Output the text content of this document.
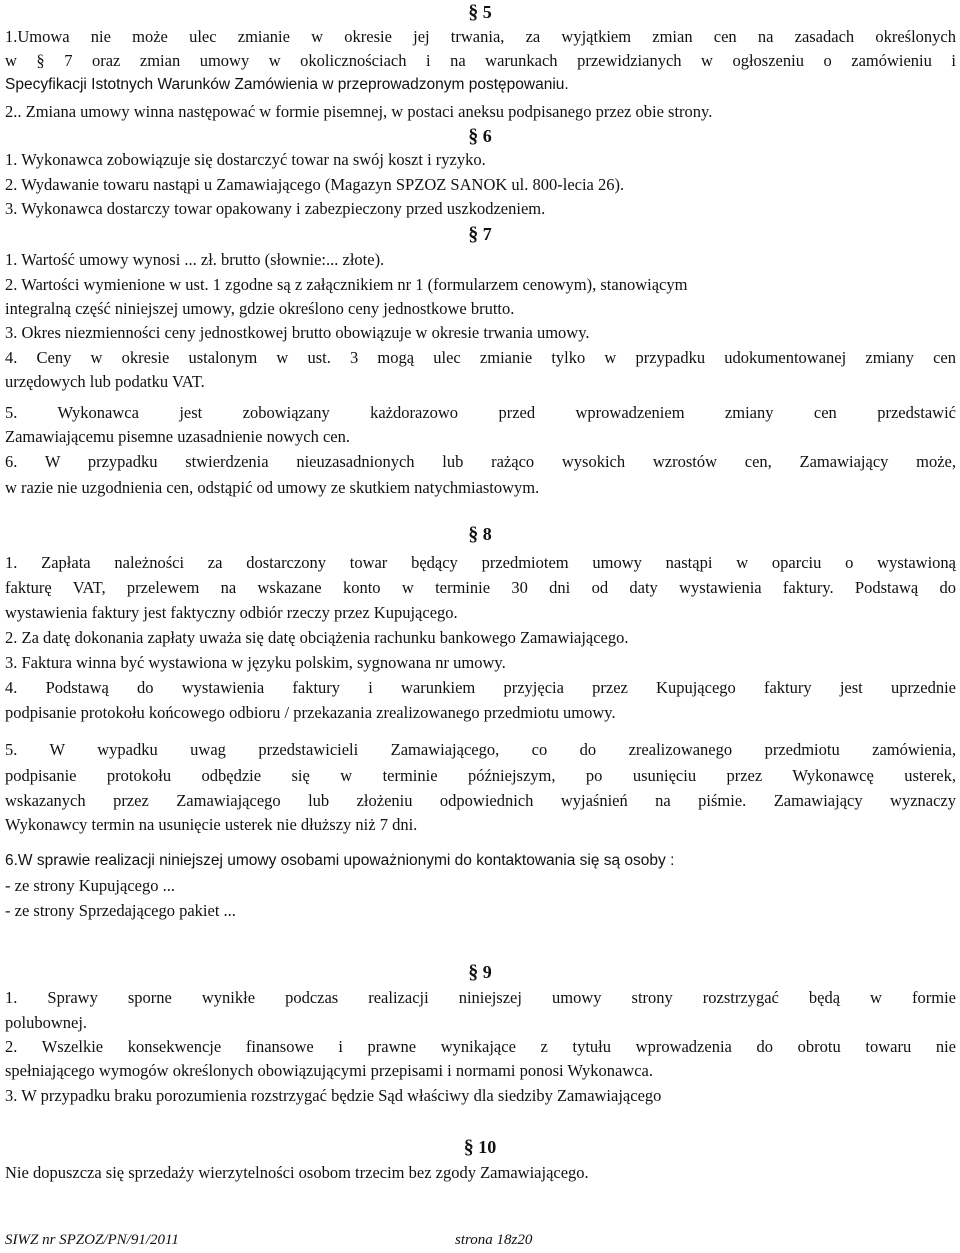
§ 5
1.Umowa nie może ulec zmianie w okresie jej trwania, za wyjątkiem zmian cen na zasadach określonych
w § 7 oraz zmian umowy w okolicznościach i na warunkach przewidzianych w ogłoszeniu o zamówieniu i
Specyfikacji Istotnych Warunków Zamówienia w przeprowadzonym postępowaniu.
2.. Zmiana umowy winna następować w formie pisemnej, w postaci aneksu podpisanego przez obie strony.
§ 6
1. Wykonawca zobowiązuje się dostarczyć towar na swój koszt i ryzyko.
2. Wydawanie towaru nastąpi u Zamawiającego (Magazyn SPZOZ SANOK ul. 800-lecia 26).
3. Wykonawca dostarczy towar opakowany i zabezpieczony przed uszkodzeniem.
§ 7
1. Wartość umowy wynosi ... zł. brutto (słownie:... złote).
2. Wartości wymienione w ust. 1 zgodne są z załącznikiem nr 1 (formularzem cenowym), stanowiącym
integralną część niniejszej umowy, gdzie określono ceny jednostkowe brutto.
3. Okres niezmienności ceny jednostkowej brutto obowiązuje w okresie trwania umowy.
4. Ceny w okresie ustalonym w ust. 3 mogą ulec zmianie tylko w przypadku udokumentowanej zmiany cen
urzędowych lub podatku VAT.
5. Wykonawca jest zobowiązany każdorazowo przed wprowadzeniem zmiany cen przedstawić
Zamawiającemu pisemne uzasadnienie nowych cen.
6. W przypadku stwierdzenia nieuzasadnionych lub rażąco wysokich wzrostów cen, Zamawiający może,
w razie nie uzgodnienia cen, odstąpić od umowy ze skutkiem natychmiastowym.
§ 8
1. Zapłata należności za dostarczony towar będący przedmiotem umowy nastąpi w oparciu o wystawioną
fakturę VAT, przelewem na wskazane konto w terminie 30 dni od daty wystawienia faktury. Podstawą do
wystawienia faktury jest faktyczny odbiór rzeczy przez Kupującego.
2. Za datę dokonania zapłaty uważa się datę obciążenia rachunku bankowego Zamawiającego.
3. Faktura winna być wystawiona w języku polskim, sygnowana nr umowy.
4. Podstawą do wystawienia faktury i warunkiem przyjęcia przez Kupującego faktury jest uprzednie
podpisanie protokołu końcowego odbioru / przekazania zrealizowanego przedmiotu umowy.
5. W wypadku uwag przedstawicieli Zamawiającego, co do zrealizowanego przedmiotu zamówienia,
podpisanie protokołu odbędzie się w terminie późniejszym, po usunięciu przez Wykonawcę usterek,
wskazanych przez Zamawiającego lub złożeniu odpowiednich wyjaśnień na piśmie. Zamawiający wyznaczy
Wykonawcy termin na usunięcie usterek nie dłuższy niż 7 dni.
6.W sprawie realizacji niniejszej umowy osobami upoważnionymi do kontaktowania się są osoby :
- ze strony Kupującego ...
- ze strony Sprzedającego pakiet ...
§ 9
1. Sprawy sporne wynikłe podczas realizacji niniejszej umowy strony rozstrzygać będą w formie
polubownej.
2. Wszelkie konsekwencje finansowe i prawne wynikające z tytułu wprowadzenia do obrotu towaru nie
spełniającego wymogów określonych obowiązującymi przepisami i normami ponosi Wykonawca.
3. W przypadku braku porozumienia rozstrzygać będzie Sąd właściwy dla siedziby Zamawiającego
§ 10
Nie dopuszcza się sprzedaży wierzytelności osobom trzecim bez zgody Zamawiającego.
SIWZ nr SPZOZ/PN/91/2011	strona 18z20
